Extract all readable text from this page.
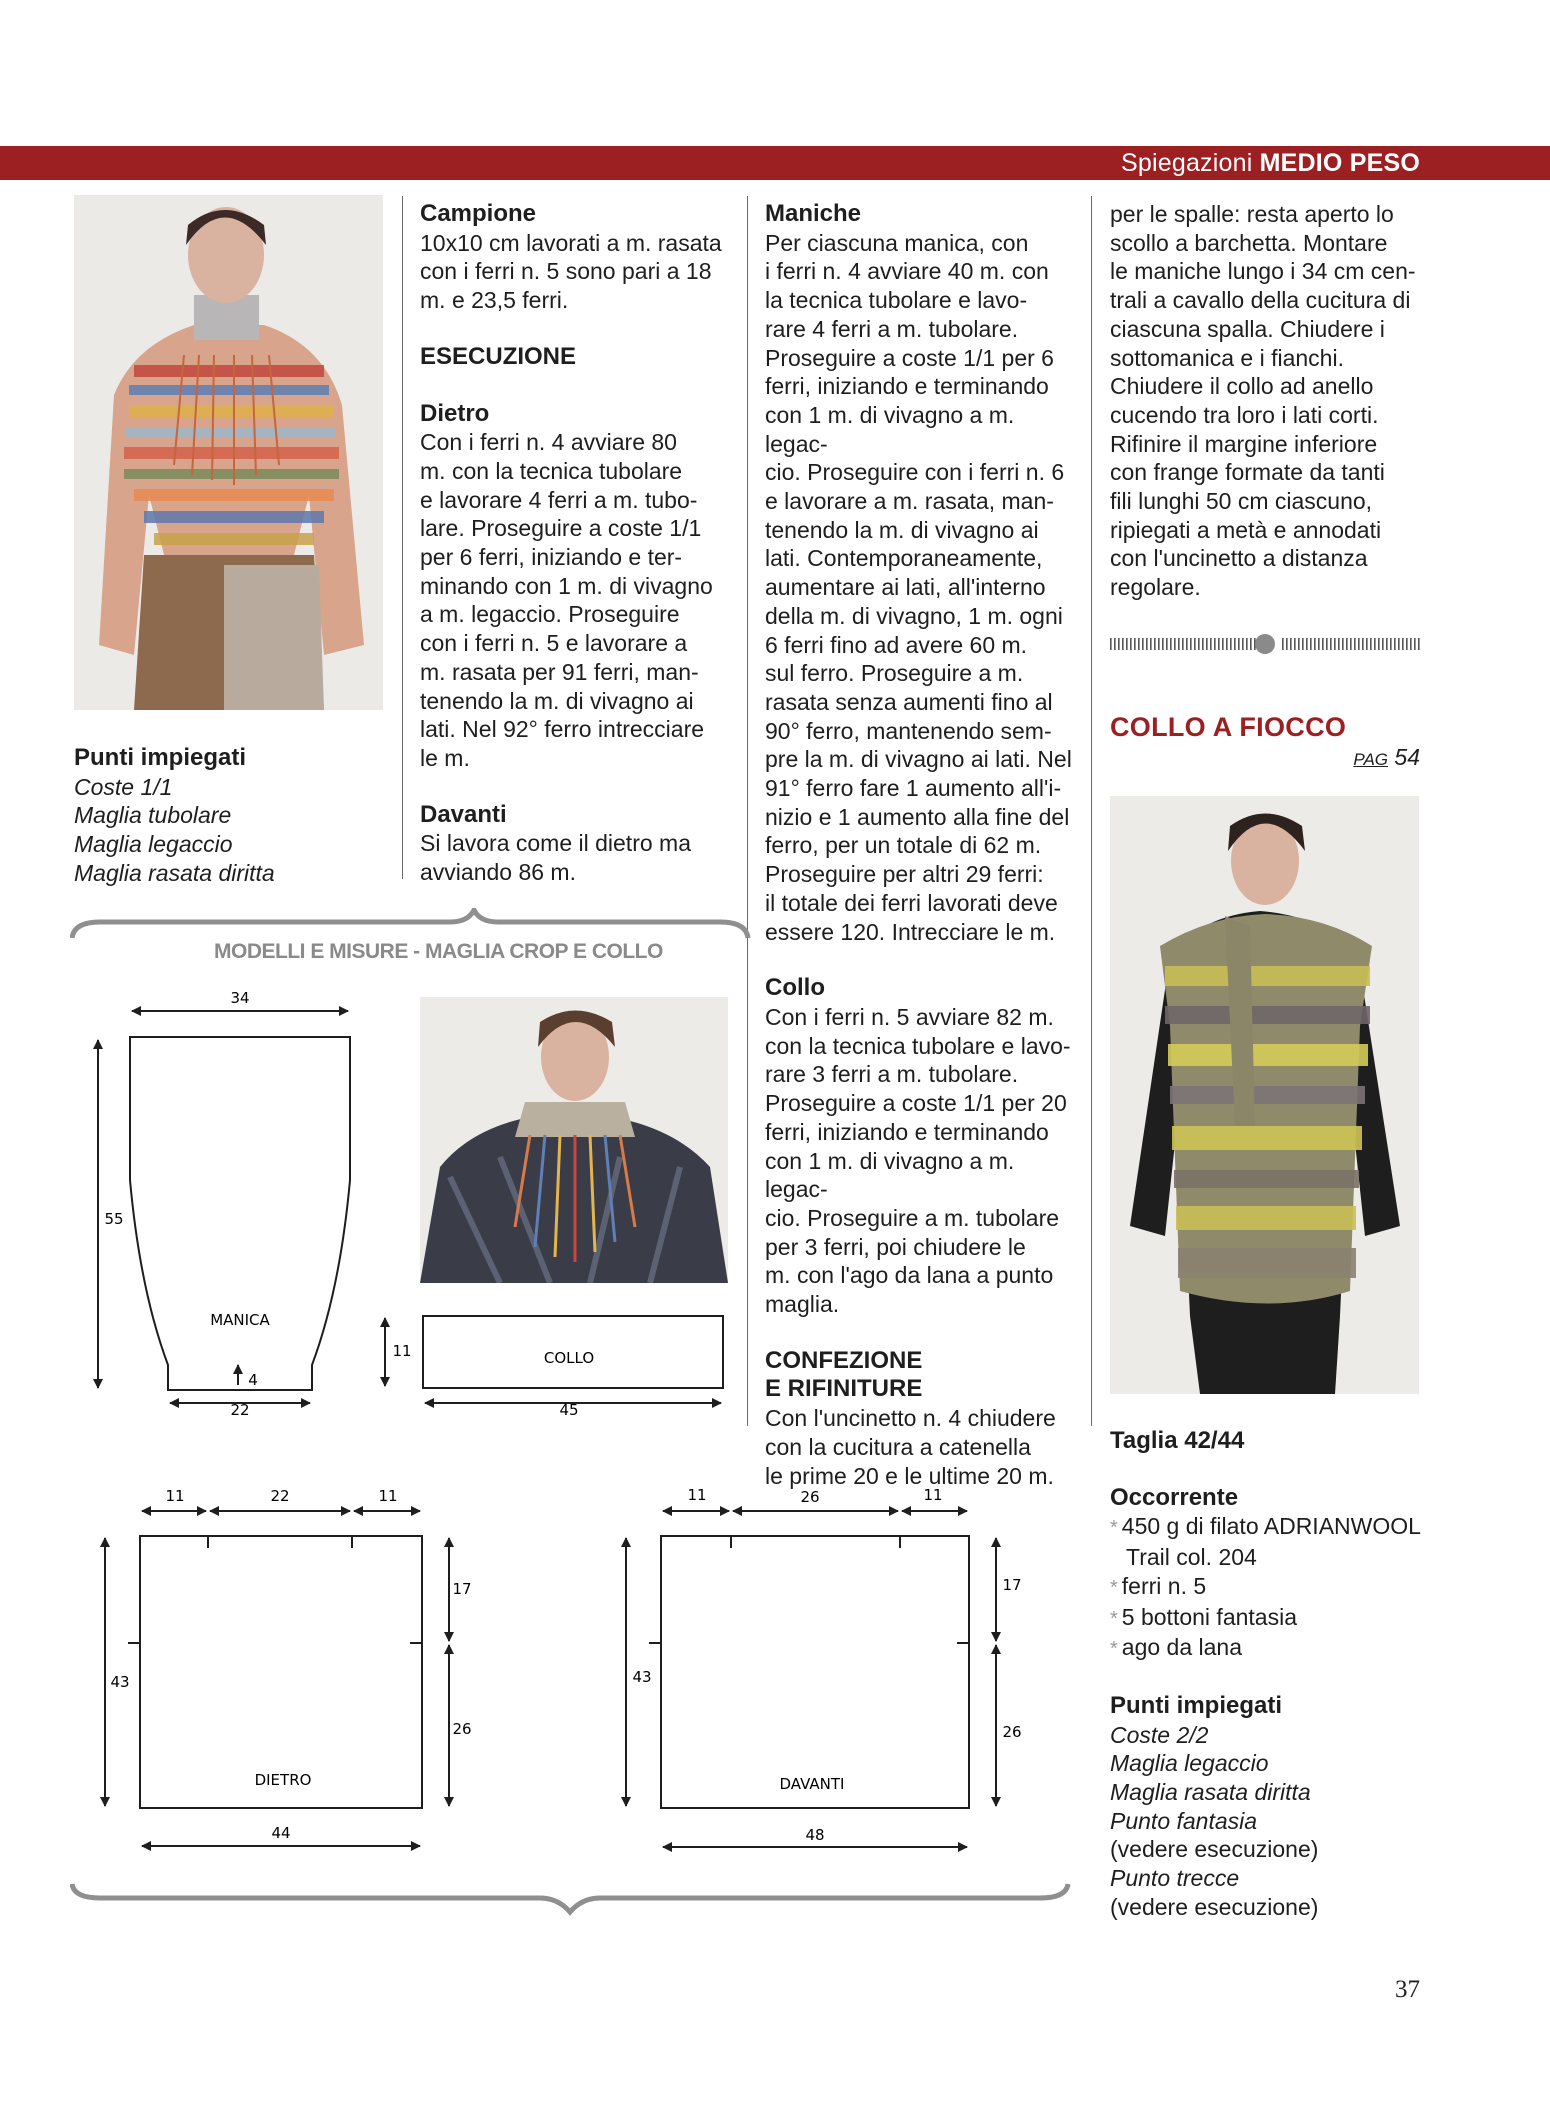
Spiegazioni MEDIO PESO

Punti impiegati

Coste 1/1

Maglia tubolare

Maglia legaccio

Maglia rasata diritta

Campione

10x10 cm lavorati a m. rasata

con i ferri n. 5 sono pari a 18

m. e 23,5 ferri.

ESECUZIONE

Dietro

Con i ferri n. 4 avviare 80

m. con la tecnica tubolare

e lavorare 4 ferri a m. tubo-

lare. Proseguire a coste 1/1

per 6 ferri, iniziando e ter-

minando con 1 m. di vivagno

a m. legaccio. Proseguire

con i ferri n. 5 e lavorare a

m. rasata per 91 ferri, man-

tenendo la m. di vivagno ai

lati. Nel 92° ferro intrecciare

le m.

Davanti

Si lavora come il dietro ma

avviando 86 m.

Maniche

Per ciascuna manica, con

i ferri n. 4 avviare 40 m. con

la tecnica tubolare e lavo-

rare 4 ferri a m. tubolare.

Proseguire a coste 1/1 per 6

ferri, iniziando e terminando

con 1 m. di vivagno a m. legac-

cio. Proseguire con i ferri n. 6

e lavorare a m. rasata, man-

tenendo la m. di vivagno ai

lati. Contemporaneamente,

aumentare ai lati, all'interno

della m. di vivagno, 1 m. ogni

6 ferri fino ad avere 60 m.

sul ferro. Proseguire a m.

rasata senza aumenti fino al

90° ferro, mantenendo sem-

pre la m. di vivagno ai lati. Nel

91° ferro fare 1 aumento all'i-

nizio e 1 aumento alla fine del

ferro, per un totale di 62 m.

Proseguire per altri 29 ferri:

il totale dei ferri lavorati deve

essere 120. Intrecciare le m.

Collo

Con i ferri n. 5 avviare 82 m.

con la tecnica tubolare e lavo-

rare 3 ferri a m. tubolare.

Proseguire a coste 1/1 per 20

ferri, iniziando e terminando

con 1 m. di vivagno a m. legac-

cio. Proseguire a m. tubolare

per 3 ferri, poi chiudere le

m. con l'ago da lana a punto

maglia.

CONFEZIONE

E RIFINITURE

Con l'uncinetto n. 4 chiudere

con la cucitura a catenella

le prime 20 e le ultime 20 m.

per le spalle: resta aperto lo

scollo a barchetta. Montare

le maniche lungo i 34 cm cen-

trali a cavallo della cucitura di

ciascuna spalla. Chiudere i

sottomanica e i fianchi.

Chiudere il collo ad anello

cucendo tra loro i lati corti.

Rifinire il margine inferiore

con frange formate da tanti

fili lunghi 50 cm ciascuno,

ripiegati a metà e annodati

con l'uncinetto a distanza

regolare.

COLLO A FIOCCO
PAG 54

Taglia 42/44

Occorrente

* 450 g di filato ADRIANWOOL

Trail col. 204

* ferri n. 5

* 5 bottoni fantasia

* ago da lana

Punti impiegati

Coste 2/2

Maglia legaccio

Maglia rasata diritta

Punto fantasia

(vedere esecuzione)

Punto trecce

(vedere esecuzione)

MODELLI E MISURE - MAGLIA CROP E COLLO
34
55
MANICA
4
22
COLLO
11
45
11	22	11
43
17
26
DIETRO
44
11	26	11
43
17
26
DAVANTI
48
37
